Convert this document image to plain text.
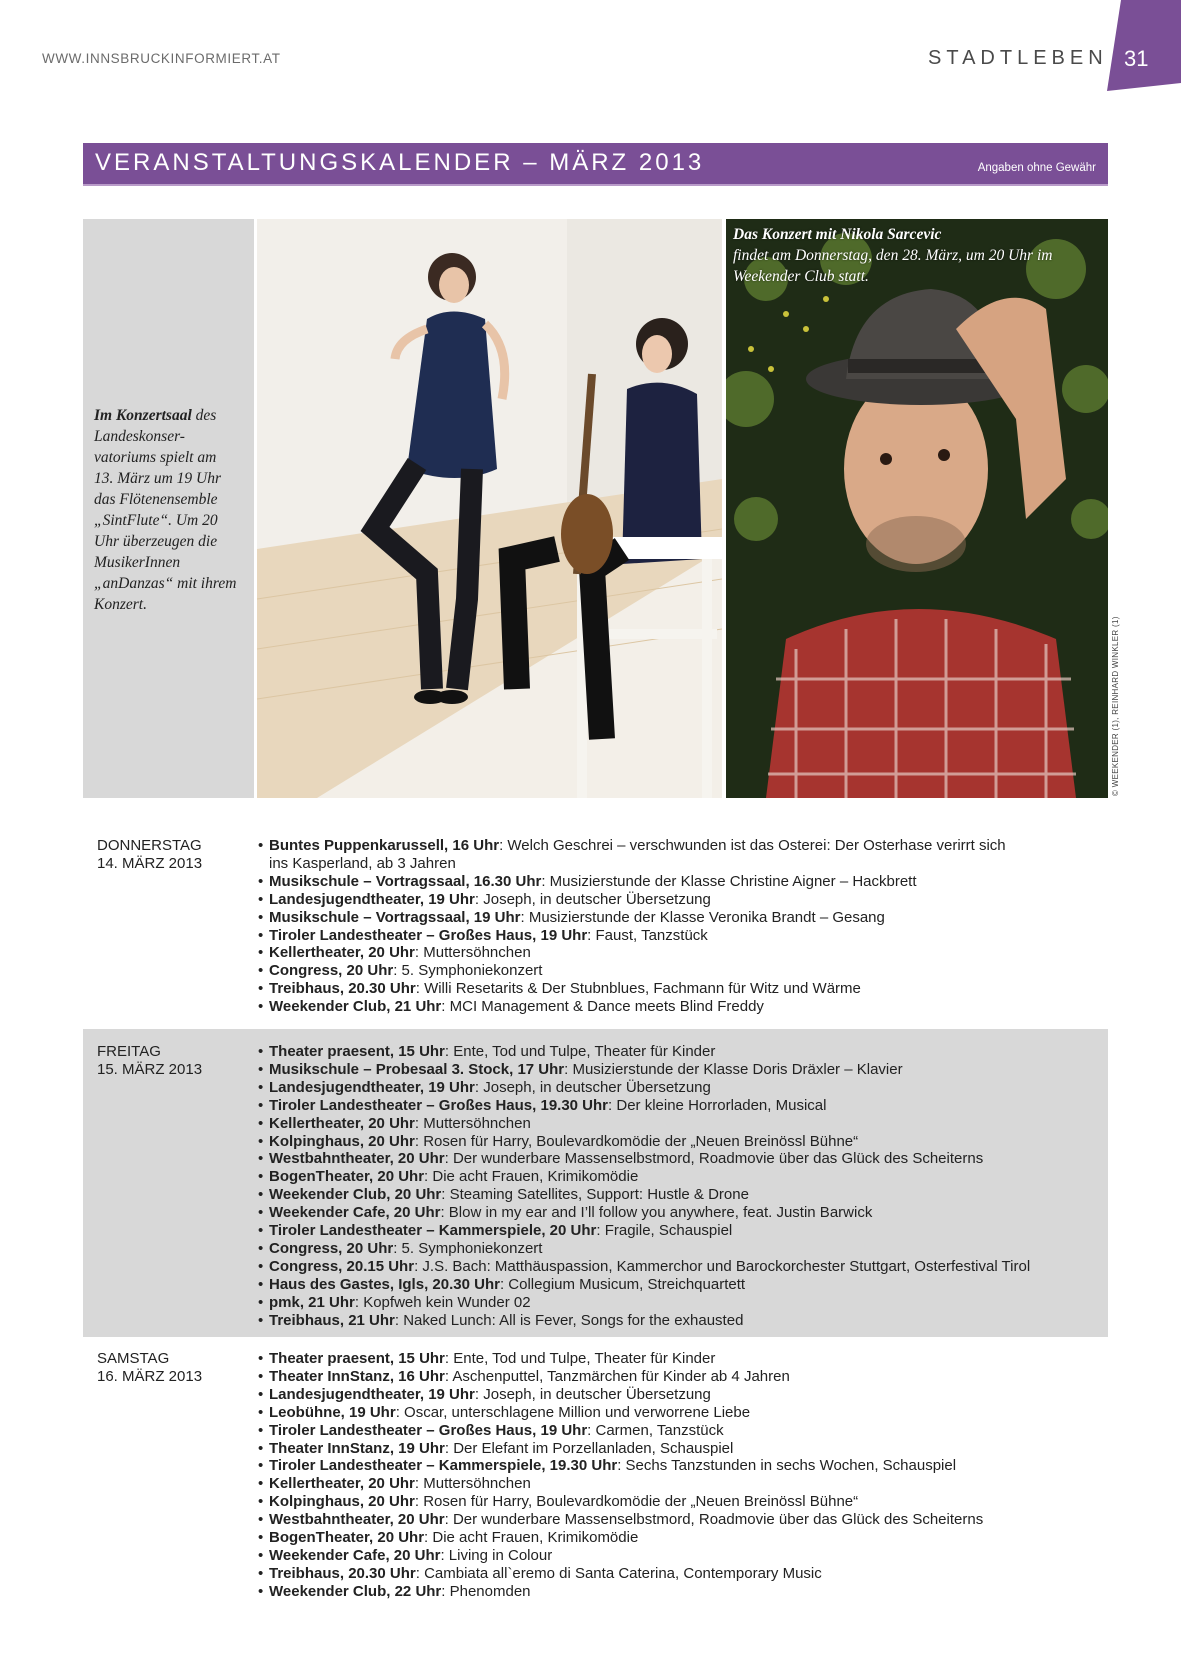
WWW.INNSBRUCKINFORMIERT.AT	STADTLEBEN 31
VERANSTALTUNGSKALENDER – MÄRZ 2013	Angaben ohne Gewähr
Im Konzertsaal des Landeskonser-vatoriums spielt am 13. März um 19 Uhr das Flötenensemble „SintFlute“. Um 20 Uhr überzeugen die MusikerInnen „anDanzas“ mit ihrem Konzert.
Das Konzert mit Nikola Sarcevic
findet am Donnerstag, den 28. März, um 20 Uhr im Weekender Club statt.
© WEEKENDER (1), REINHARD WINKLER (1)
DONNERSTAG
14. MÄRZ 2013
• Buntes Puppenkarussell, 16 Uhr: Welch Geschrei – verschwunden ist das Osterei: Der Osterhase verirrt sich ins Kasperland, ab 3 Jahren
• Musikschule – Vortragssaal, 16.30 Uhr: Musizierstunde der Klasse Christine Aigner – Hackbrett
• Landesjugendtheater, 19 Uhr: Joseph, in deutscher Übersetzung
• Musikschule – Vortragssaal, 19 Uhr: Musizierstunde der Klasse Veronika Brandt – Gesang
• Tiroler Landestheater – Großes Haus, 19 Uhr: Faust, Tanzstück
• Kellertheater, 20 Uhr: Muttersöhnchen
• Congress, 20 Uhr: 5. Symphoniekonzert
• Treibhaus, 20.30 Uhr: Willi Resetarits & Der Stubnblues, Fachmann für Witz und Wärme
• Weekender Club, 21 Uhr: MCI Management & Dance meets Blind Freddy
FREITAG
15. MÄRZ 2013
• Theater praesent, 15 Uhr: Ente, Tod und Tulpe, Theater für Kinder
• Musikschule – Probesaal 3. Stock, 17 Uhr: Musizierstunde der Klasse Doris Dräxler – Klavier
• Landesjugendtheater, 19 Uhr: Joseph, in deutscher Übersetzung
• Tiroler Landestheater – Großes Haus, 19.30 Uhr: Der kleine Horrorladen, Musical
• Kellertheater, 20 Uhr: Muttersöhnchen
• Kolpinghaus, 20 Uhr: Rosen für Harry, Boulevardkomödie der „Neuen Breinössl Bühne“
• Westbahntheater, 20 Uhr: Der wunderbare Massenselbstmord, Roadmovie über das Glück des Scheiterns
• BogenTheater, 20 Uhr: Die acht Frauen, Krimikomödie
• Weekender Club, 20 Uhr: Steaming Satellites, Support: Hustle & Drone
• Weekender Cafe, 20 Uhr: Blow in my ear and I’ll follow you anywhere, feat. Justin Barwick
• Tiroler Landestheater – Kammerspiele, 20 Uhr: Fragile, Schauspiel
• Congress, 20 Uhr: 5. Symphoniekonzert
• Congress, 20.15 Uhr: J.S. Bach: Matthäuspassion, Kammerchor und Barockorchester Stuttgart, Osterfestival Tirol
• Haus des Gastes, Igls, 20.30 Uhr: Collegium Musicum, Streichquartett
• pmk, 21 Uhr: Kopfweh kein Wunder 02
• Treibhaus, 21 Uhr: Naked Lunch: All is Fever, Songs for the exhausted
SAMSTAG
16. MÄRZ 2013
• Theater praesent, 15 Uhr: Ente, Tod und Tulpe, Theater für Kinder
• Theater InnStanz, 16 Uhr: Aschenputtel, Tanzmärchen für Kinder ab 4 Jahren
• Landesjugendtheater, 19 Uhr: Joseph, in deutscher Übersetzung
• Leobühne, 19 Uhr: Oscar, unterschlagene Million und verworrene Liebe
• Tiroler Landestheater – Großes Haus, 19 Uhr: Carmen, Tanzstück
• Theater InnStanz, 19 Uhr: Der Elefant im Porzellanladen, Schauspiel
• Tiroler Landestheater – Kammerspiele, 19.30 Uhr: Sechs Tanzstunden in sechs Wochen, Schauspiel
• Kellertheater, 20 Uhr: Muttersöhnchen
• Kolpinghaus, 20 Uhr: Rosen für Harry, Boulevardkomödie der „Neuen Breinössl Bühne“
• Westbahntheater, 20 Uhr: Der wunderbare Massenselbstmord, Roadmovie über das Glück des Scheiterns
• BogenTheater, 20 Uhr: Die acht Frauen, Krimikomödie
• Weekender Cafe, 20 Uhr: Living in Colour
• Treibhaus, 20.30 Uhr: Cambiata all`eremo di Santa Caterina, Contemporary Music
• Weekender Club, 22 Uhr: Phenomden
